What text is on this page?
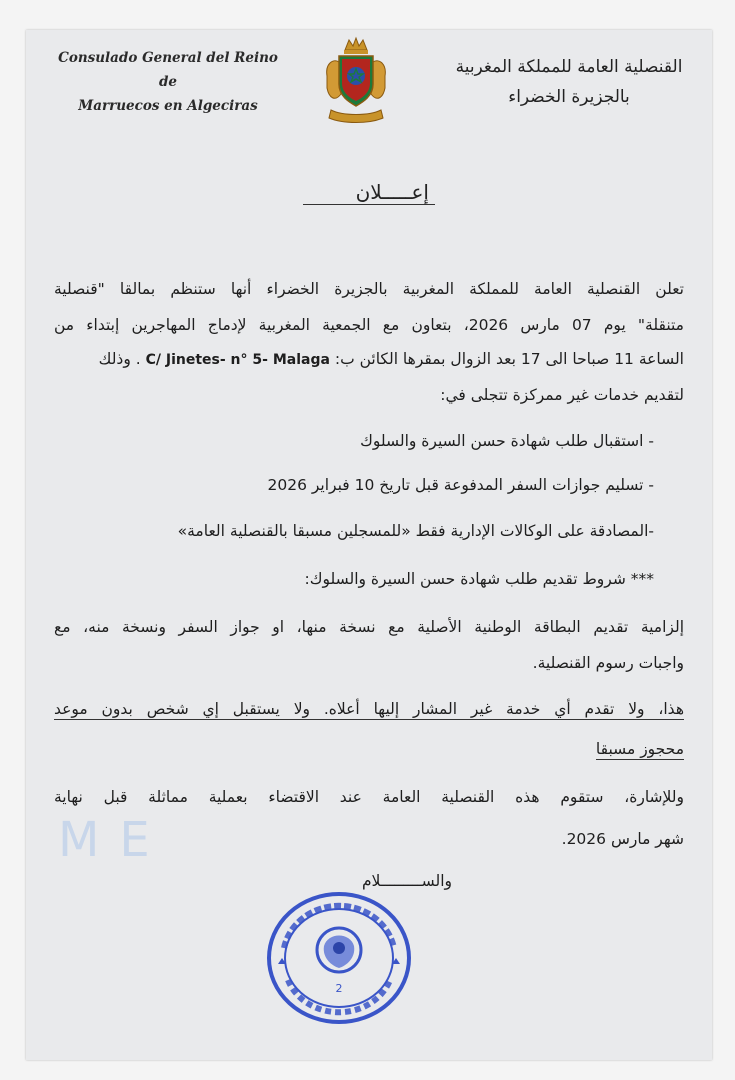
Consulado General del Reino de
Marruecos en Algeciras
القنصلية العامة للمملكة المغربية
بالجزيرة الخضراء
إعـــــلان
تعلن القنصلية العامة للمملكة المغربية بالجزيرة الخضراء أنها ستنظم بمالقا "قنصلية
متنقلة" يوم 07 مارس 2026، بتعاون مع الجمعية المغربية لإدماج المهاجرين إبتداء من
الساعة 11 صباحا الى 17 بعد الزوال بمقرها الكائن ب: C/ Jinetes- n° 5- Malaga . وذلك
لتقديم خدمات غير ممركزة تتجلى في:
- استقبال طلب شهادة حسن السيرة والسلوك
- تسليم جوازات السفر المدفوعة قبل تاريخ 10 فبراير 2026
-المصادقة على الوكالات الإدارية فقط «للمسجلين مسبقا بالقنصلية العامة»
*** شروط تقديم طلب شهادة حسن السيرة والسلوك:
إلزامية تقديم البطاقة الوطنية الأصلية مع نسخة منها، او جواز السفر ونسخة منه، مع
واجبات رسوم القنصلية.
هذا، ولا تقدم أي خدمة غير المشار إليها أعلاه. ولا يستقبل إي شخص بدون موعد
محجوز مسبقا
وللإشارة، ستقوم هذه القنصلية العامة عند الاقتضاء بعملية مماثلة قبل نهاية
شهر مارس 2026.
ME
والســـــــــلام
2
